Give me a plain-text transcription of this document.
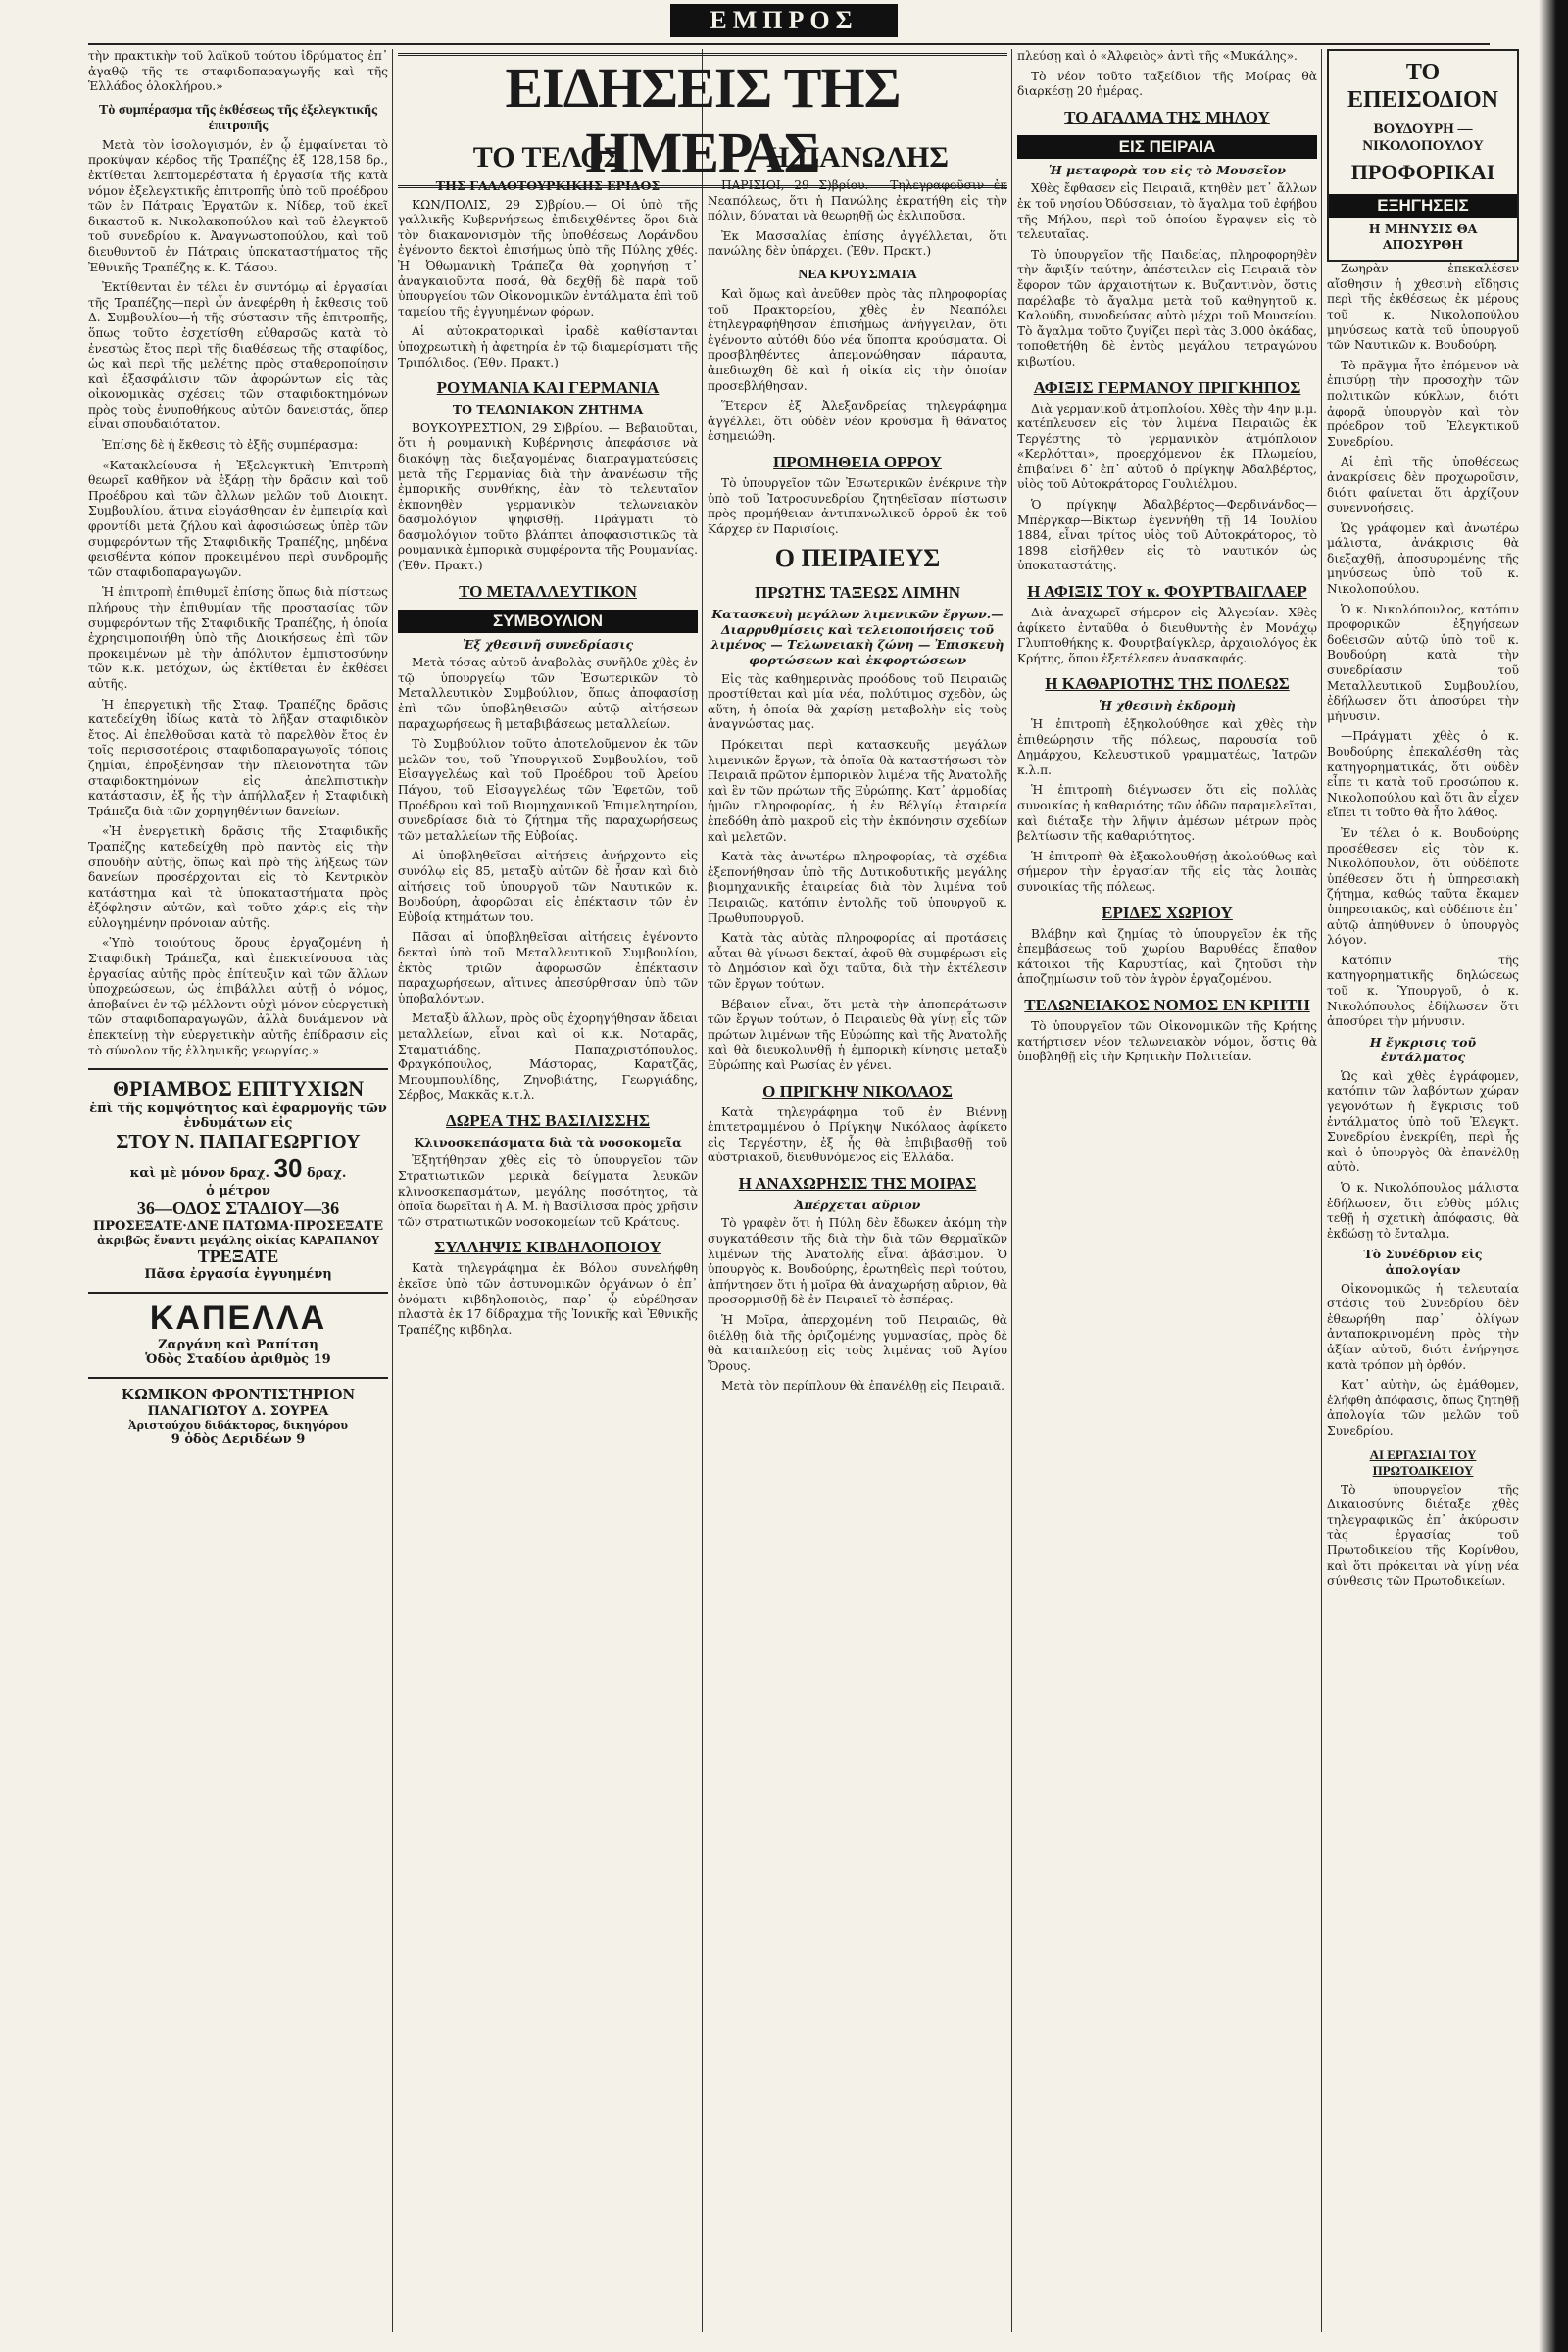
ΕΜΠΡΟΣ

τὴν πρακτικὴν τοῦ λαϊκοῦ τούτου ἱδρύματος ἐπ᾽ ἀγαθῷ τῆς τε σταφιδοπαραγωγῆς καὶ τῆς Ἑλλάδος ὁλοκλήρου.»

Τὸ συμπέρασμα τῆς ἐκθέσεως τῆς ἐξελεγκτικῆς ἐπιτροπῆς

Μετὰ τὸν ἰσολογισμόν, ἐν ᾧ ἐμφαίνεται τὸ προκύψαν κέρδος τῆς Τραπέζης ἐξ 128,158 δρ., ἐκτίθεται λεπτομερέστατα ἡ ἐργασία τῆς κατὰ νόμον ἐξελεγκτικῆς ἐπιτροπῆς ὑπὸ τοῦ προέδρου τῶν ἐν Πάτραις Ἐργατῶν κ. Νίδερ, τοῦ ἐκεῖ δικαστοῦ κ. Νικολακοπούλου καὶ τοῦ ἐλεγκτοῦ τοῦ συνεδρίου κ. Ἀναγνωστοπούλου, καὶ τοῦ διευθυντοῦ ἐν Πάτραις ὑποκαταστήματος τῆς Ἐθνικῆς Τραπέζης κ. Κ. Τάσου.

Ἐκτίθενται ἐν τέλει ἐν συντόμῳ αἱ ἐργασίαι τῆς Τραπέζης—περὶ ὧν ἀνεφέρθη ἡ ἔκθεσις τοῦ Δ. Συμβουλίου—ἡ τῆς σύστασιν τῆς ἐπιτροπῆς, ὅπως τοῦτο ἐσχετίσθη εὐθαρσῶς κατὰ τὸ ἐνεστὼς ἔτος περὶ τῆς διαθέσεως τῆς σταφίδος, ὡς καὶ περὶ τῆς μελέτης πρὸς σταθεροποίησιν καὶ ἐξασφάλισιν τῶν ἀφορώντων εἰς τὰς οἰκονομικὰς σχέσεις τῶν σταφιδοκτημόνων πρὸς τοὺς ἐνυποθήκους αὐτῶν δανειστάς, ὅπερ εἶναι σπουδαιότατον.

Ἐπίσης δὲ ἡ ἔκθεσις τὸ ἐξῆς συμπέρασμα:

«Κατακλείουσα ἡ Ἐξελεγκτικὴ Ἐπιτροπὴ θεωρεῖ καθῆκον νὰ ἐξάρῃ τὴν δρᾶσιν καὶ τοῦ Προέδρου καὶ τῶν ἄλλων μελῶν τοῦ Διοικητ. Συμβουλίου, ἅτινα εἰργάσθησαν ἐν ἐμπειρίᾳ καὶ φροντίδι μετὰ ζήλου καὶ ἀφοσιώσεως ὑπὲρ τῶν συμφερόντων τῆς Σταφιδικῆς Τραπέζης, μηδένα φεισθέντα κόπον προκειμένου περὶ συνδρομῆς τῶν σταφιδοπαραγωγῶν.

Ἡ ἐπιτροπὴ ἐπιθυμεῖ ἐπίσης ὅπως διὰ πίστεως πλήρους τὴν ἐπιθυμίαν τῆς προστασίας τῶν συμφερόντων τῆς Σταφιδικῆς Τραπέζης, ἡ ὁποία ἐχρησιμοποιήθη ὑπὸ τῆς Διοικήσεως ἐπὶ τῶν προκειμένων μὲ τὴν ἀπόλυτον ἐμπιστοσύνην τῶν κ.κ. μετόχων, ὡς ἐκτίθεται ἐν ἐκθέσει αὐτῆς.

Ἡ ἐπεργετικὴ τῆς Σταφ. Τραπέζης δρᾶσις κατεδείχθη ἰδίως κατὰ τὸ λῆξαν σταφιδικὸν ἔτος. Αἱ ἐπελθοῦσαι κατὰ τὸ παρελθὸν ἔτος ἐν τοῖς περισσοτέροις σταφιδοπαραγωγοῖς τόποις ζημίαι, ἐπροξένησαν τὴν πλειονότητα τῶν σταφιδοκτημόνων εἰς ἀπελπιστικὴν κατάστασιν, ἐξ ἧς τὴν ἀπήλλαξεν ἡ Σταφιδικὴ Τράπεζα διὰ τῶν χορηγηθέντων δανείων.

«Ἡ ἐνεργετικὴ δρᾶσις τῆς Σταφιδικῆς Τραπέζης κατεδείχθη πρὸ παντὸς εἰς τὴν σπουδὴν αὐτῆς, ὅπως καὶ πρὸ τῆς λήξεως τῶν δανείων προσέρχονται εἰς τὸ Κεντρικὸν κατάστημα καὶ τὰ ὑποκαταστήματα πρὸς ἐξόφλησιν αὐτῶν, καὶ τοῦτο χάρις εἰς τὴν εὐλογημένην πρόνοιαν αὐτῆς.

«Ὑπὸ τοιούτους ὅρους ἐργαζομένη ἡ Σταφιδικὴ Τράπεζα, καὶ ἐπεκτείνουσα τὰς ἐργασίας αὐτῆς πρὸς ἐπίτευξιν καὶ τῶν ἄλλων ὑποχρεώσεων, ὡς ἐπιβάλλει αὐτῇ ὁ νόμος, ἀποβαίνει ἐν τῷ μέλλοντι οὐχὶ μόνον εὐεργετικὴ τῶν σταφιδοπαραγωγῶν, ἀλλὰ δυνάμενον νὰ ἐπεκτείνῃ τὴν εὐεργετικὴν αὐτῆς ἐπίδρασιν εἰς τὸ σύνολον τῆς ἑλληνικῆς γεωργίας.»

ΘΡΙΑΜΒΟΣ ΕΠΙΤΥΧΙΩΝ
ἐπὶ τῆς κομψότητος καὶ ἐφαρμογῆς τῶν ἐνδυμάτων εἰς
ΣΤΟΥ Ν. ΠΑΠΑΓΕΩΡΓΙΟΥ
καὶ μὲ μόνον δραχ. 30 δραχ.
ὁ μέτρον
36—ΟΔΟΣ ΣΤΑΔΙΟΥ—36
ΠΡΟΣΕΞΑΤΕ·ΔΝΕ ΠΑΤΩΜΑ·ΠΡΟΣΕΞΑΤΕ
ἀκριβῶς ἔναντι μεγάλης οἰκίας ΚΑΡΑΠΑΝΟΥ
ΤΡΕΞΑΤΕ
Πᾶσα ἐργασία ἐγγυημένη
ΚΑΠΕΛΛΑ
Ζαργάνη καὶ Ραπίτση
Ὁδὸς Σταδίου ἀριθμὸς 19
ΚΩΜΙΚΟΝ ΦΡΟΝΤΙΣΤΗΡΙΟΝ
ΠΑΝΑΓΙΩΤΟΥ Δ. ΣΟΥΡΕΑ
Ἀριστούχου διδάκτορος, δικηγόρου
9 ὁδὸς Δεριδέων 9
ΕΙΔΗΣΕΙΣ ΤΗΣ ΗΜΕΡΑΣ
ΤΟ ΤΕΛΟΣ
ΤΗΣ ΓΑΛΛΟΤΟΥΡΚΙΚΗΣ ΕΡΙΔΟΣ

ΚΩΝ/ΠΟΛΙΣ, 29 Σ)βρίου.— Οἱ ὑπὸ τῆς γαλλικῆς Κυβερνήσεως ἐπιδειχθέντες ὅροι διὰ τὸν διακανονισμὸν τῆς ὑποθέσεως Λοράνδου ἐγένοντο δεκτοὶ ἐπισήμως ὑπὸ τῆς Πύλης χθές. Ἡ Ὀθωμανικὴ Τράπεζα θὰ χορηγήσῃ τ᾽ ἀναγκαιοῦντα ποσά, θὰ δεχθῇ δὲ παρὰ τοῦ ὑπουργείου τῶν Οἰκονομικῶν ἐντάλματα ἐπὶ τοῦ ταμείου τῆς ἐγγυημένων φόρων.

Αἱ αὐτοκρατορικαὶ ἰραδὲ καθίστανται ὑποχρεωτικὴ ἡ ἀφετηρία ἐν τῷ διαμερίσματι τῆς Τριπόλιδος. (Ἐθν. Πρακτ.)

ΡΟΥΜΑΝΙΑ ΚΑΙ ΓΕΡΜΑΝΙΑ
ΤΟ ΤΕΛΩΝΙΑΚΟΝ ΖΗΤΗΜΑ

ΒΟΥΚΟΥΡΕΣΤΙΟΝ, 29 Σ)βρίου. — Βεβαιοῦται, ὅτι ἡ ρουμανικὴ Κυβέρνησις ἀπεφάσισε νὰ διακόψῃ τὰς διεξαγομένας διαπραγματεύσεις μετὰ τῆς Γερμανίας διὰ τὴν ἀνανέωσιν τῆς ἐμπορικῆς συνθήκης, ἐὰν τὸ τελευταῖον ἐκπονηθὲν γερμανικὸν τελωνειακὸν δασμολόγιον ψηφισθῇ. Πράγματι τὸ δασμολόγιον τοῦτο βλάπτει ἀποφασιστικῶς τὰ ρουμανικὰ ἐμπορικὰ συμφέροντα τῆς Ρουμανίας. (Ἐθν. Πρακτ.)

ΤΟ ΜΕΤΑΛΛΕΥΤΙΚΟΝ
ΣΥΜΒΟΥΛΙΟΝ
Ἐξ χθεσινῆ συνεδρίασις

Μετὰ τόσας αὐτοῦ ἀναβολὰς συνῆλθε χθὲς ἐν τῷ ὑπουργείῳ τῶν Ἐσωτερικῶν τὸ Μεταλλευτικὸν Συμβούλιον, ὅπως ἀποφασίσῃ ἐπὶ τῶν ὑποβληθεισῶν αὐτῷ αἰτήσεων παραχωρήσεως ἢ μεταβιβάσεως μεταλλείων.

Τὸ Συμβούλιον τοῦτο ἀποτελοῦμενον ἐκ τῶν μελῶν του, τοῦ Ὑπουργικοῦ Συμβουλίου, τοῦ Εἰσαγγελέως καὶ τοῦ Προέδρου τοῦ Ἀρείου Πάγου, τοῦ Εἰσαγγελέως τῶν Ἐφετῶν, τοῦ Προέδρου καὶ τοῦ Βιομηχανικοῦ Ἐπιμελητηρίου, συνεδρίασε διὰ τὸ ζήτημα τῆς παραχωρήσεως τῶν μεταλλείων τῆς Εὐβοίας.

Αἱ ὑποβληθεῖσαι αἰτήσεις ἀνήρχοντο εἰς συνόλῳ εἰς 85, μεταξὺ αὐτῶν δὲ ἦσαν καὶ διὸ αἰτήσεις τοῦ ὑπουργοῦ τῶν Ναυτικῶν κ. Βουδούρη, ἀφορῶσαι εἰς ἐπέκτασιν τῶν ἐν Εὐβοίᾳ κτημάτων του.

Πᾶσαι αἱ ὑποβληθεῖσαι αἰτήσεις ἐγένοντο δεκταὶ ὑπὸ τοῦ Μεταλλευτικοῦ Συμβουλίου, ἐκτὸς τριῶν ἀφορωσῶν ἐπέκτασιν παραχωρήσεων, αἵτινες ἀπεσύρθησαν ὑπὸ τῶν ὑποβαλόντων.

Μεταξὺ ἄλλων, πρὸς οὓς ἐχορηγήθησαν ἄδειαι μεταλλείων, εἶναι καὶ οἱ κ.κ. Νοταρᾶς, Σταματιάδης, Παπαχριστόπουλος, Φραγκόπουλος, Μάστορας, Καρατζᾶς, Μπουμπουλίδης, Ζηνοβιάτης, Γεωργιάδης, Σέρβος, Μακκᾶς κ.τ.λ.

ΔΩΡΕΑ ΤΗΣ ΒΑΣΙΛΙΣΣΗΣ
Κλινοσκεπάσματα διὰ τὰ νοσοκομεῖα

Ἐξητήθησαν χθὲς εἰς τὸ ὑπουργεῖον τῶν Στρατιωτικῶν μερικὰ δείγματα λευκῶν κλινοσκεπασμάτων, μεγάλης ποσότητος, τὰ ὁποῖα δωρεῖται ἡ Α. Μ. ἡ Βασίλισσα πρὸς χρῆσιν τῶν στρατιωτικῶν νοσοκομείων τοῦ Κράτους.

ΣΥΛΛΗΨΙΣ ΚΙΒΔΗΛΟΠΟΙΟΥ

Κατὰ τηλεγράφημα ἐκ Βόλου συνελήφθη ἐκεῖσε ὑπὸ τῶν ἀστυνομικῶν ὀργάνων ὁ ἐπ᾽ ὀνόματι κιβδηλοποιὸς, παρ᾽ ᾧ εὑρέθησαν πλαστὰ ἐκ 17 δίδραχμα τῆς Ἰονικῆς καὶ Ἐθνικῆς Τραπέζης κιβδηλα.

Η ΠΑΝΩΛΗΣ

ΠΑΡΙΣΙΟΙ, 29 Σ)βρίου. —Τηλεγραφοῦσιν ἐκ Νεαπόλεως, ὅτι ἡ Πανώλης ἐκρατήθη εἰς τὴν πόλιν, δύναται νὰ θεωρηθῇ ὡς ἐκλιποῦσα.

Ἐκ Μασσαλίας ἐπίσης ἀγγέλλεται, ὅτι πανώλης δὲν ὑπάρχει. (Ἐθν. Πρακτ.)

ΝΕΑ ΚΡΟΥΣΜΑΤΑ

Καὶ ὅμως καὶ ἀνεῦθεν πρὸς τὰς πληροφορίας τοῦ Πρακτορείου, χθὲς ἐν Νεαπόλει ἐτηλεγραφήθησαν ἐπισήμως ἀνήγγειλαν, ὅτι ἐγένοντο αὐτόθι δύο νέα ὕποπτα κρούσματα. Οἱ προσβληθέντες ἀπεμονώθησαν πάραυτα, ἀπεδιωχθη δὲ καὶ ἡ οἰκία εἰς τὴν ὁποίαν προσεβλήθησαν.

Ἕτερον ἐξ Ἀλεξανδρείας τηλεγράφημα ἀγγέλλει, ὅτι οὐδὲν νέον κρούσμα ἢ θάνατος ἐσημειώθη.

ΠΡΟΜΗΘΕΙΑ ΟΡΡΟΥ

Τὸ ὑπουργεῖον τῶν Ἐσωτερικῶν ἐνέκρινε τὴν ὑπὸ τοῦ Ἰατροσυνεδρίου ζητηθεῖσαν πίστωσιν πρὸς προμήθειαν ἀντιπανωλικοῦ ὀρροῦ ἐκ τοῦ Κάρχερ ἐν Παρισίοις.

Ο ΠΕΙΡΑΙΕΥΣ
ΠΡΩΤΗΣ ΤΑΞΕΩΣ ΛΙΜΗΝ
Κατασκευὴ μεγάλων λιμενικῶν ἔργων.— Διαρρυθμίσεις καὶ τελειοποιήσεις τοῦ λιμένος — Τελωνειακὴ ζώνη — Ἐπισκευὴ φορτώσεων καὶ ἐκφορτώσεων

Εἰς τὰς καθημερινὰς προόδους τοῦ Πειραιῶς προστίθεται καὶ μία νέα, πολύτιμος σχεδὸν, ὡς αὕτη, ἡ ὁποία θὰ χαρίσῃ μεταβολὴν εἰς τοὺς ἀναγνώστας μας.

Πρόκειται περὶ κατασκευῆς μεγάλων λιμενικῶν ἔργων, τὰ ὁποῖα θὰ καταστήσωσι τὸν Πειραιᾶ πρῶτον ἐμπορικὸν λιμένα τῆς Ἀνατολῆς καὶ ἓν τῶν πρώτων τῆς Εὐρώπης. Κατ᾽ ἀρμοδίας ἡμῶν πληροφορίας, ἡ ἐν Βέλγίῳ ἑταιρεία ἐπεδόθη ἀπὸ μακροῦ εἰς τὴν ἐκπόνησιν σχεδίων καὶ μελετῶν.

Κατὰ τὰς ἀνωτέρω πληροφορίας, τὰ σχέδια ἐξεπονήθησαν ὑπὸ τῆς Δυτικοδυτικῆς μεγάλης βιομηχανικῆς ἑταιρείας διὰ τὸν λιμένα τοῦ Πειραιῶς, κατόπιν ἐντολῆς τοῦ ὑπουργοῦ κ. Πρωθυπουργοῦ.

Κατὰ τὰς αὐτὰς πληροφορίας αἱ προτάσεις αὗται θὰ γίνωσι δεκταί, ἀφοῦ θὰ συμφέρωσι εἰς τὸ Δημόσιον καὶ ὄχι ταῦτα, διὰ τὴν ἐκτέλεσιν τῶν ἔργων τούτων.

Βέβαιον εἶναι, ὅτι μετὰ τὴν ἀποπεράτωσιν τῶν ἔργων τούτων, ὁ Πειραιεὺς θὰ γίνῃ εἷς τῶν πρώτων λιμένων τῆς Εὐρώπης καὶ τῆς Ἀνατολῆς καὶ θὰ διευκολυνθῇ ἡ ἐμπορικὴ κίνησις μεταξὺ Εὐρώπης καὶ Ρωσίας ἐν γένει.

Ο ΠΡΙΓΚΗΨ ΝΙΚΟΛΑΟΣ

Κατὰ τηλεγράφημα τοῦ ἐν Βιέννῃ ἐπιτετραμμένου ὁ Πρίγκηψ Νικόλαος ἀφίκετο εἰς Τεργέστην, ἐξ ἧς θὰ ἐπιβιβασθῇ τοῦ αὐστριακοῦ, διευθυνόμενος εἰς Ἑλλάδα.

Η ΑΝΑΧΩΡΗΣΙΣ ΤΗΣ ΜΟΙΡΑΣ
Ἀπέρχεται αὔριον

Τὸ γραφὲν ὅτι ἡ Πύλη δὲν ἔδωκεν ἀκόμη τὴν συγκατάθεσιν τῆς διὰ τὴν διὰ τῶν Θερμαϊκῶν λιμένων τῆς Ἀνατολῆς εἶναι ἀβάσιμον. Ὁ ὑπουργὸς κ. Βουδούρης, ἐρωτηθεὶς περὶ τούτου, ἀπήντησεν ὅτι ἡ μοῖρα θὰ ἀναχωρήσῃ αὔριον, θὰ προσορμισθῇ δὲ ἐν Πειραιεῖ τὸ ἑσπέρας.

Ἡ Μοῖρα, ἀπερχομένη τοῦ Πειραιῶς, θὰ διέλθῃ διὰ τῆς ὀριζομένης γυμνασίας, πρὸς δὲ θὰ καταπλεύσῃ εἰς τοὺς λιμένας τοῦ Ἀγίου Ὄρους.

Μετὰ τὸν περίπλουν θὰ ἐπανέλθῃ εἰς Πειραιᾶ.

πλεύσῃ καὶ ὁ «Ἀλφειὸς» ἀντὶ τῆς «Μυκάλης».

Τὸ νέον τοῦτο ταξείδιον τῆς Μοίρας θὰ διαρκέσῃ 20 ἡμέρας.

ΤΟ ΑΓΑΛΜΑ ΤΗΣ ΜΗΛΟΥ
ΕΙΣ ΠΕΙΡΑΙΑ
Ἡ μεταφορὰ του εἰς τὸ Μουσεῖον

Χθὲς ἔφθασεν εἰς Πειραιᾶ, κτηθὲν μετ᾽ ἄλλων ἐκ τοῦ νησίου Ὀδύσσειαν, τὸ ἄγαλμα τοῦ ἐφήβου τῆς Μήλου, περὶ τοῦ ὁποίου ἔγραψεν εἰς τὸ τελευταῖας.

Τὸ ὑπουργεῖον τῆς Παιδείας, πληροφορηθὲν τὴν ἄφιξίν ταύτην, ἀπέστειλεν εἰς Πειραιᾶ τὸν ἔφορον τῶν ἀρχαιοτήτων κ. Βυζαντινὸν, ὅστις παρέλαβε τὸ ἄγαλμα μετὰ τοῦ καθηγητοῦ κ. Καλούδη, συνοδεύσας αὐτὸ μέχρι τοῦ Μουσείου. Τὸ ἄγαλμα τοῦτο ζυγίζει περὶ τὰς 3.000 ὀκάδας, τοποθετήθη δὲ ἐντὸς μεγάλου τετραγώνου κιβωτίου.

ΑΦΙΞΙΣ ΓΕΡΜΑΝΟΥ ΠΡΙΓΚΗΠΟΣ

Διὰ γερμανικοῦ ἀτμοπλοίου. Χθὲς τὴν 4ην μ.μ. κατέπλευσεν εἰς τὸν λιμένα Πειραιῶς ἐκ Τεργέστης τὸ γερμανικὸν ἀτμόπλοιον «Κερλότται», προερχόμενον ἐκ Πλωμείου, ἐπιβαίνει δ᾽ ἐπ᾽ αὐτοῦ ὁ πρίγκηψ Ἀδαλβέρτος, υἱὸς τοῦ Αὐτοκράτορος Γουλιέλμου.

Ὁ πρίγκηψ Ἀδαλβέρτος—Φερδινάνδος—Μπέργκαρ—Βίκτωρ ἐγεννήθη τῇ 14 Ἰουλίου 1884, εἶναι τρίτος υἱὸς τοῦ Αὐτοκράτορος, τὸ 1898 εἰσῆλθεν εἰς τὸ ναυτικόν ὡς ὑποκαταστάτης.

Η ΑΦΙΞΙΣ ΤΟΥ κ. ΦΟΥΡΤΒΑΙΓΛΑΕΡ

Διὰ ἀναχωρεῖ σήμερον εἰς Ἀλγερίαν. Χθὲς ἀφίκετο ἐνταῦθα ὁ διευθυντὴς ἐν Μονάχῳ Γλυπτοθήκης κ. Φουρτβαίγκλερ, ἀρχαιολόγος ἐκ Κρήτης, ὅπου ἐξετέλεσεν ἀνασκαφάς.

Η ΚΑΘΑΡΙΟΤΗΣ ΤΗΣ ΠΟΛΕΩΣ
Ἡ χθεσινὴ ἐκδρομὴ

Ἡ ἐπιτροπὴ ἐξηκολούθησε καὶ χθὲς τὴν ἐπιθεώρησιν τῆς πόλεως, παρουσία τοῦ Δημάρχου, Κελευστικοῦ γραμματέως, Ἰατρῶν κ.λ.π.

Ἡ ἐπιτροπὴ διέγνωσεν ὅτι εἰς πολλὰς συνοικίας ἡ καθαριότης τῶν ὁδῶν παραμελεῖται, καὶ διέταξε τὴν λῆψιν ἀμέσων μέτρων πρὸς βελτίωσιν τῆς καθαριότητος.

Ἡ ἐπιτροπὴ θὰ ἐξακολουθήσῃ ἀκολούθως καὶ σήμερον τὴν ἐργασίαν τῆς εἰς τὰς λοιπὰς συνοικίας τῆς πόλεως.

ΕΡΙΔΕΣ ΧΩΡΙΟΥ

Βλάβην καὶ ζημίας τὸ ὑπουργεῖον ἐκ τῆς ἐπεμβάσεως τοῦ χωρίου Βαρυθέας ἔπαθον κάτοικοι τῆς Καρυστίας, καὶ ζητοῦσι τὴν ἀποζημίωσιν τοῦ τὸν ἀγρὸν ἐργαζομένου.

ΤΕΛΩΝΕΙΑΚΟΣ ΝΟΜΟΣ ΕΝ ΚΡΗΤΗ

Τὸ ὑπουργεῖον τῶν Οἰκονομικῶν τῆς Κρήτης κατήρτισεν νέον τελωνειακὸν νόμον, ὅστις θὰ ὑποβληθῇ εἰς τὴν Κρητικὴν Πολιτείαν.

ΤΟ ΕΠΕΙΣΟΔΙΟΝ
ΒΟΥΔΟΥΡΗ — ΝΙΚΟΛΟΠΟΥΛΟΥ
ΠΡΟΦΟΡΙΚΑΙ
ΕΞΗΓΗΣΕΙΣ
Η ΜΗΝΥΣΙΣ ΘΑ ΑΠΟΣΥΡΘΗ

Ζωηρὰν ἐπεκαλέσεν αἴσθησιν ἡ χθεσινὴ εἴδησις περὶ τῆς ἐκθέσεως ἐκ μέρους τοῦ κ. Νικολοπούλου μηνύσεως κατὰ τοῦ ὑπουργοῦ τῶν Ναυτικῶν κ. Βουδούρη.

Τὸ πρᾶγμα ἦτο ἐπόμενον νὰ ἐπισύρῃ τὴν προσοχὴν τῶν πολιτικῶν κύκλων, διότι ἀφορᾷ ὑπουργὸν καὶ τὸν πρόεδρον τοῦ Ἐλεγκτικοῦ Συνεδρίου.

Αἱ ἐπὶ τῆς ὑποθέσεως ἀνακρίσεις δὲν προχωροῦσιν, διότι φαίνεται ὅτι ἀρχίζουν συνεννοήσεις.

Ὡς γράφομεν καὶ ἀνωτέρω μάλιστα, ἀνάκρισις θὰ διεξαχθῇ, ἀποσυρομένης τῆς μηνύσεως ὑπὸ τοῦ κ. Νικολοπούλου.

Ὁ κ. Νικολόπουλος, κατόπιν προφορικῶν ἐξηγήσεων δοθεισῶν αὐτῷ ὑπὸ τοῦ κ. Βουδούρη κατὰ τὴν συνεδρίασιν τοῦ Μεταλλευτικοῦ Συμβουλίου, ἐδήλωσεν ὅτι ἀποσύρει τὴν μήνυσιν.

—Πράγματι χθὲς ὁ κ. Βουδούρης ἐπεκαλέσθη τὰς κατηγορηματικάς, ὅτι οὐδὲν εἶπε τι κατὰ τοῦ προσώπου κ. Νικολοπούλου καὶ ὅτι ἂν εἶχεν εἴπει τι τοῦτο θὰ ἦτο λάθος.

Ἐν τέλει ὁ κ. Βουδούρης προσέθεσεν εἰς τὸν κ. Νικολόπουλον, ὅτι οὐδέποτε ὑπέθεσεν ὅτι ἡ ὑπηρεσιακὴ ζήτημα, καθώς ταῦτα ἔκαμεν ὑπηρεσιακῶς, καὶ οὐδέποτε ἐπ᾽ αὐτῷ ἀπηύθυνεν ὁ ὑπουργὸς λόγον.

Κατόπιν τῆς κατηγορηματικῆς δηλώσεως τοῦ κ. Ὑπουργοῦ, ὁ κ. Νικολόπουλος ἐδήλωσεν ὅτι ἀποσύρει τὴν μήνυσιν.

Η ἔγκρισις τοῦ ἐντάλματος

Ὡς καὶ χθὲς ἐγράφομεν, κατόπιν τῶν λαβόντων χώραν γεγονότων ἡ ἔγκρισις τοῦ ἐντάλματος ὑπὸ τοῦ Ἐλεγκτ. Συνεδρίου ἐνεκρίθη, περὶ ἧς καὶ ὁ ὑπουργὸς θὰ ἐπανέλθῃ αὐτὸ.

Ὁ κ. Νικολόπουλος μάλιστα ἐδήλωσεν, ὅτι εὐθὺς μόλις τεθῇ ἡ σχετικὴ ἀπόφασις, θὰ ἐκδώσῃ τὸ ἔνταλμα.

Τὸ Συνέδριον εἰς ἀπολογίαν

Οἰκονομικῶς ἡ τελευταία στάσις τοῦ Συνεδρίου δὲν ἐθεωρήθη παρ᾽ ὀλίγων ἀνταποκρινομένη πρὸς τὴν ἀξίαν αὐτοῦ, διότι ἐνήργησε κατὰ τρόπον μὴ ὀρθόν.

Κατ᾽ αὐτὴν, ὡς ἐμάθομεν, ἐλήφθη ἀπόφασις, ὅπως ζητηθῇ ἀπολογία τῶν μελῶν τοῦ Συνεδρίου.

ΑΙ ΕΡΓΑΣΙΑΙ ΤΟΥ ΠΡΩΤΟΔΙΚΕΙΟΥ

Τὸ ὑπουργεῖον τῆς Δικαιοσύνης διέταξε χθὲς τηλεγραφικῶς ἐπ᾽ ἀκύρωσιν τὰς ἐργασίας τοῦ Πρωτοδικείου τῆς Κορίνθου, καὶ ὅτι πρόκειται νὰ γίνῃ νέα σύνθεσις τῶν Πρωτοδικείων.
